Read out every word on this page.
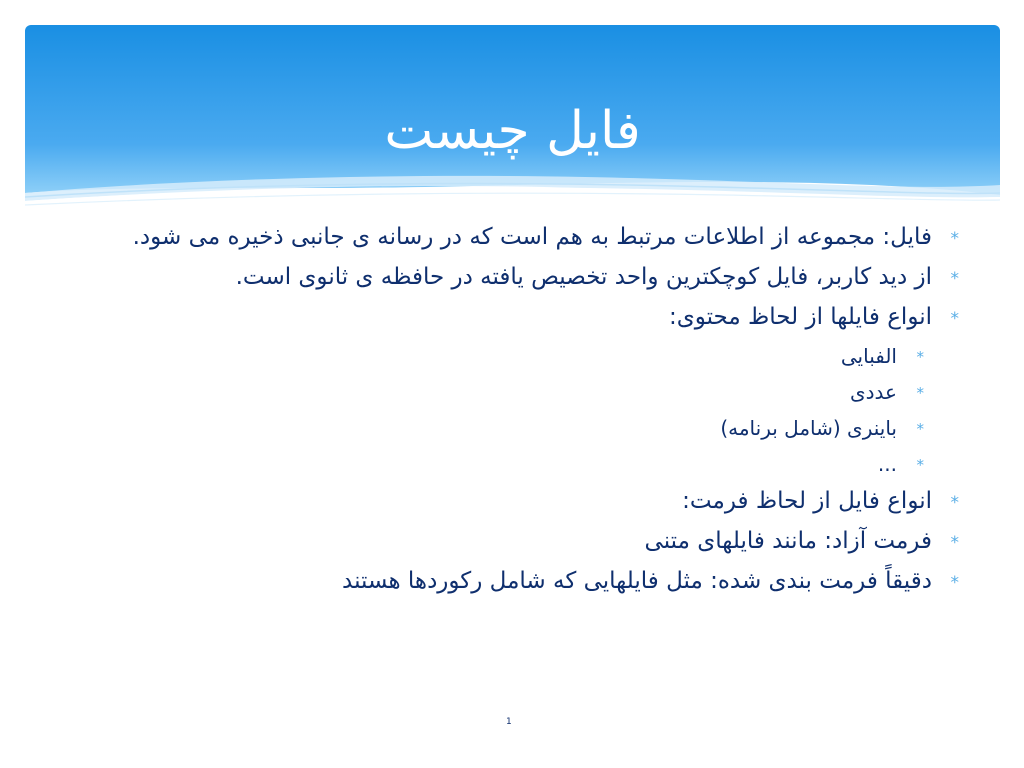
فایل چیست
*
فایل: مجموعه از اطلاعات مرتبط به هم است که در رسانه ی جانبی ذخیره می شود.
*
از دید کاربر، فایل کوچکترین واحد تخصیص یافته در حافظه ی ثانوی است.
*
انواع فایلها از لحاظ محتوی:
*
الفبایی
*
عددی
*
باینری (شامل برنامه)
*
...
*
انواع فایل از لحاظ فرمت:
*
فرمت آزاد: مانند فایلهای متنی
*
دقیقاً فرمت بندی شده: مثل فایلهایی که شامل رکوردها هستند
1
